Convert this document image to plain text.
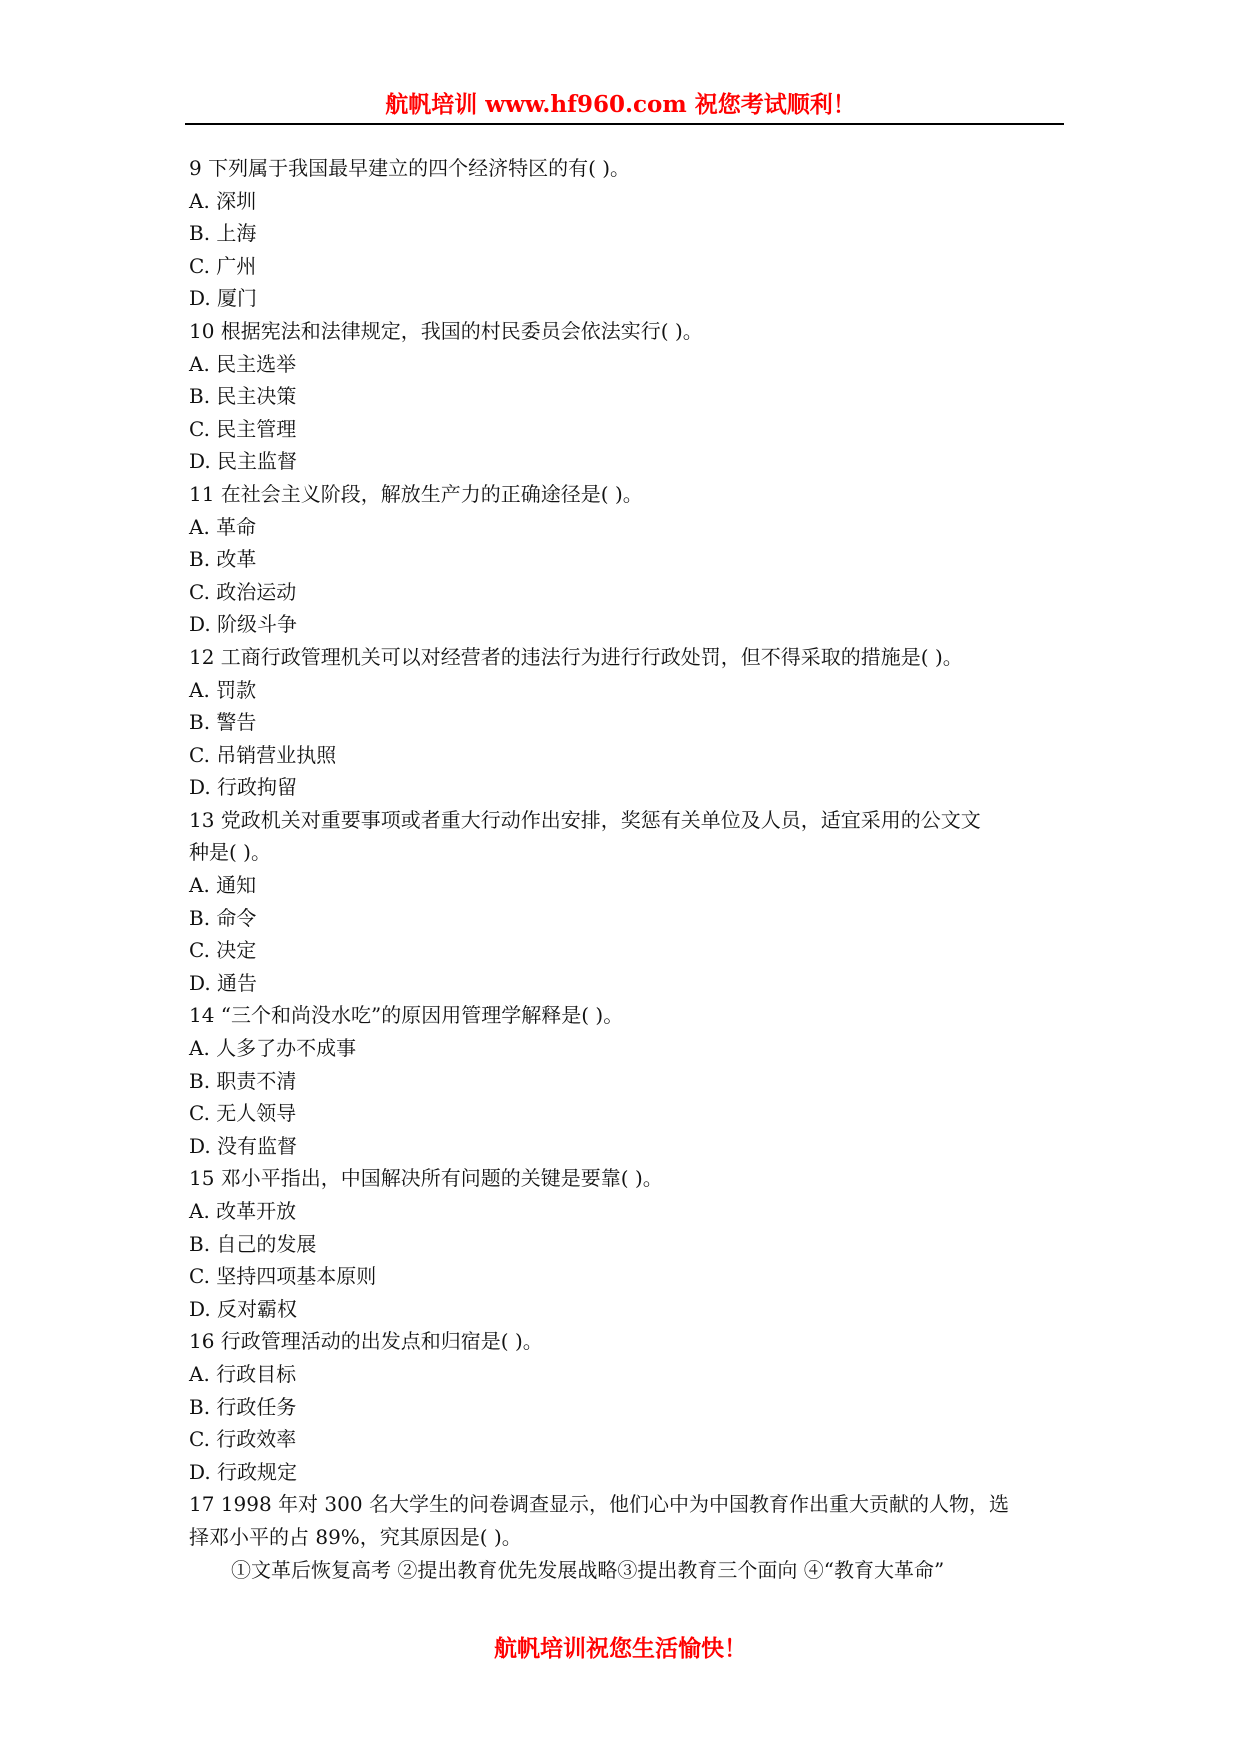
航帆培训 www.hf960.com 祝您考试顺利！
9 下列属于我国最早建立的四个经济特区的有( )。
A. 深圳
B. 上海
C. 广州
D. 厦门
10 根据宪法和法律规定，我国的村民委员会依法实行( )。
A. 民主选举
B. 民主决策
C. 民主管理
D. 民主监督
11 在社会主义阶段，解放生产力的正确途径是( )。
A. 革命
B. 改革
C. 政治运动
D. 阶级斗争
12 工商行政管理机关可以对经营者的违法行为进行行政处罚，但不得采取的措施是( )。
A. 罚款
B. 警告
C. 吊销营业执照
D. 行政拘留
13 党政机关对重要事项或者重大行动作出安排，奖惩有关单位及人员，适宜采用的公文文
种是( )。
A. 通知
B. 命令
C. 决定
D. 通告
14 “三个和尚没水吃”的原因用管理学解释是( )。
A. 人多了办不成事
B. 职责不清
C. 无人领导
D. 没有监督
15 邓小平指出，中国解决所有问题的关键是要靠( )。
A. 改革开放
B. 自己的发展
C. 坚持四项基本原则
D. 反对霸权
16 行政管理活动的出发点和归宿是( )。
A. 行政目标
B. 行政任务
C. 行政效率
D. 行政规定
17 1998 年对 300 名大学生的问卷调查显示，他们心中为中国教育作出重大贡献的人物，选
择邓小平的占 89%，究其原因是( )。
①文革后恢复高考 ②提出教育优先发展战略③提出教育三个面向 ④“教育大革命”
航帆培训祝您生活愉快！
